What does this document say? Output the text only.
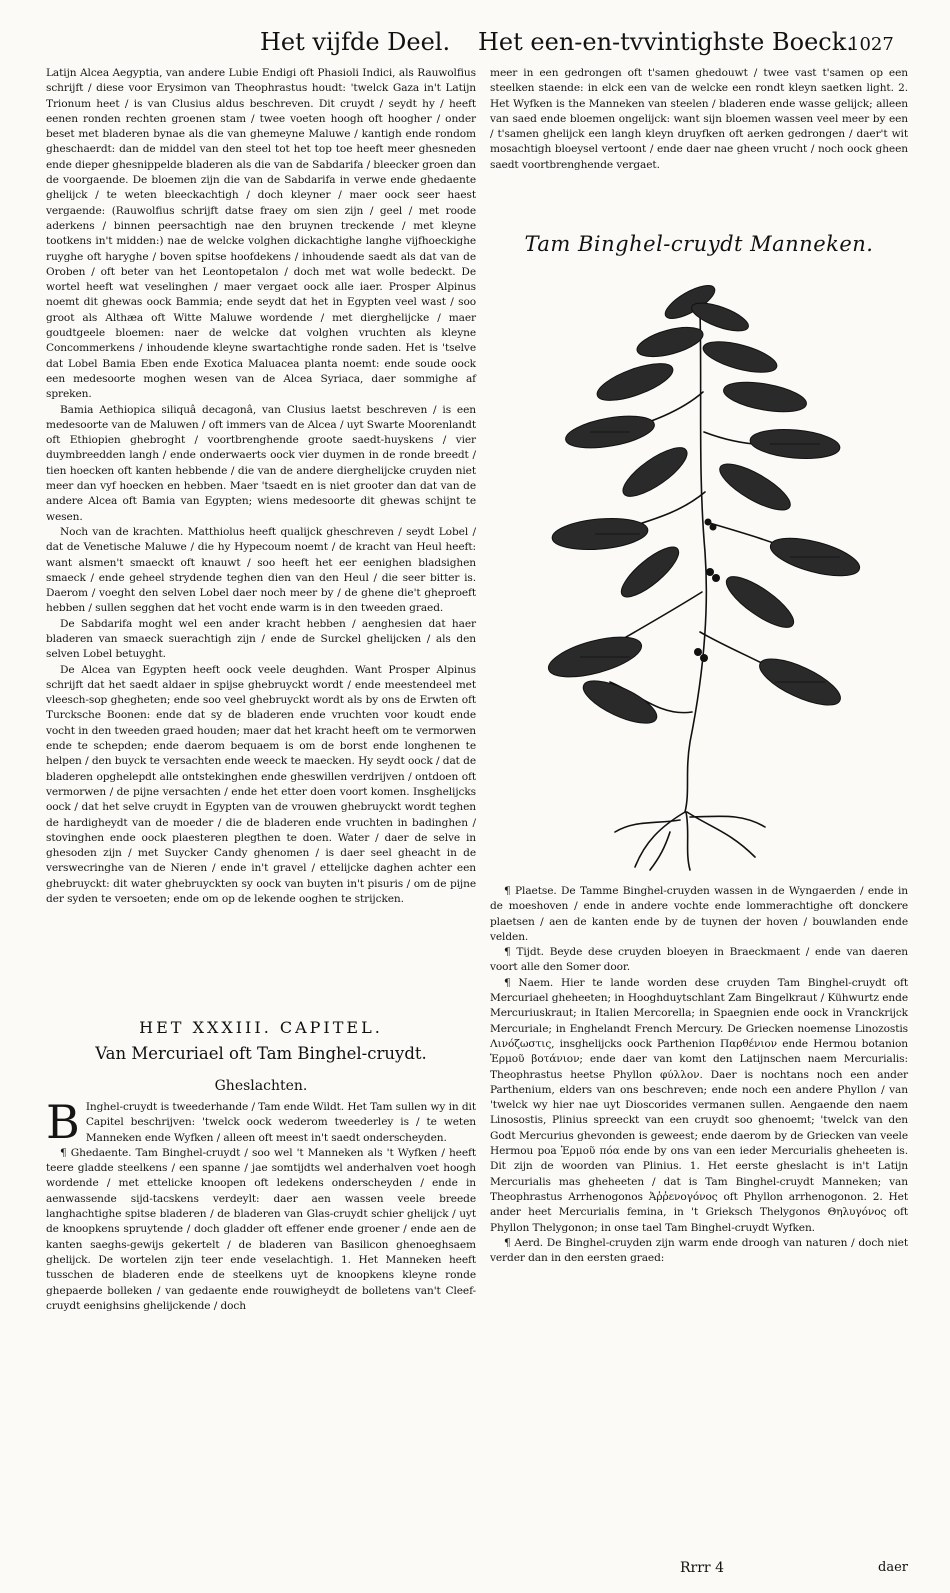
Het vijfde Deel. Het een-en-tvvintighste Boeck.
1027

Latijn Alcea Aegyptia, van andere Lubie Endigi oft Phasioli Indici, als Rauwolfius schrijft / diese voor Erysimon van Theophrastus houdt: 'twelck Gaza in't Latijn Trionum heet / is van Clusius aldus beschreven. Dit cruydt / seydt hy / heeft eenen ronden rechten groenen stam / twee voeten hoogh oft hoogher / onder beset met bladeren bynae als die van ghemeyne Maluwe / kantigh ende rondom gheschaerdt: dan de middel van den steel tot het top toe heeft meer ghesneden ende dieper ghesnippelde bladeren als die van de Sabdarifa / bleecker groen dan de voorgaende. De bloemen zijn die van de Sabdarifa in verwe ende ghedaente ghelijck / te weten bleeckachtigh / doch kleyner / maer oock seer haest vergaende: (Rauwolfius schrijft datse fraey om sien zijn / geel / met roode aderkens / binnen peersachtigh nae den bruynen treckende / met kleyne tootkens in't midden:) nae de welcke volghen dickachtighe langhe vijfhoeckighe ruyghe oft haryghe / boven spitse hoofdekens / inhoudende saedt als dat van de Oroben / oft beter van het Leontopetalon / doch met wat wolle bedeckt. De wortel heeft wat veselinghen / maer vergaet oock alle iaer. Prosper Alpinus noemt dit ghewas oock Bammia; ende seydt dat het in Egypten veel wast / soo groot als Althæa oft Witte Maluwe wordende / met dierghelijcke / maer goudtgeele bloemen: naer de welcke dat volghen vruchten als kleyne Concommerkens / inhoudende kleyne swartachtighe ronde saden. Het is 'tselve dat Lobel Bamia Eben ende Exotica Maluacea planta noemt: ende soude oock een medesoorte moghen wesen van de Alcea Syriaca, daer sommighe af spreken.

Bamia Aethiopica siliquâ decagonâ, van Clusius laetst beschreven / is een medesoorte van de Maluwen / oft immers van de Alcea / uyt Swarte Moorenlandt oft Ethiopien ghebroght / voortbrenghende groote saedt-huyskens / vier duymbreedden langh / ende onderwaerts oock vier duymen in de ronde breedt / tien hoecken oft kanten hebbende / die van de andere dierghelijcke cruyden niet meer dan vyf hoecken en hebben. Maer 'tsaedt en is niet grooter dan dat van de andere Alcea oft Bamia van Egypten; wiens medesoorte dit ghewas schijnt te wesen.

Noch van de krachten. Matthiolus heeft qualijck gheschreven / seydt Lobel / dat de Venetische Maluwe / die hy Hypecoum noemt / de kracht van Heul heeft: want alsmen't smaeckt oft knauwt / soo heeft het eer eenighen bladsighen smaeck / ende geheel strydende teghen dien van den Heul / die seer bitter is. Daerom / voeght den selven Lobel daer noch meer by / de ghene die't gheproeft hebben / sullen segghen dat het vocht ende warm is in den tweeden graed.

De Sabdarifa moght wel een ander kracht hebben / aenghesien dat haer bladeren van smaeck suerachtigh zijn / ende de Surckel ghelijcken / als den selven Lobel betuyght.

De Alcea van Egypten heeft oock veele deughden. Want Prosper Alpinus schrijft dat het saedt aldaer in spijse ghebruyckt wordt / ende meestendeel met vleesch-sop ghegheten; ende soo veel ghebruyckt wordt als by ons de Erwten oft Turcksche Boonen: ende dat sy de bladeren ende vruchten voor koudt ende vocht in den tweeden graed houden; maer dat het kracht heeft om te vermorwen ende te schepden; ende daerom bequaem is om de borst ende longhenen te helpen / den buyck te versachten ende weeck te maecken. Hy seydt oock / dat de bladeren opghelepdt alle ontstekinghen ende gheswillen verdrijven / ontdoen oft vermorwen / de pijne versachten / ende het etter doen voort komen. Insghelijcks oock / dat het selve cruydt in Egypten van de vrouwen ghebruyckt wordt teghen de hardigheydt van de moeder / die de bladeren ende vruchten in badinghen / stovinghen ende oock plaesteren plegthen te doen. Water / daer de selve in ghesoden zijn / met Suycker Candy ghenomen / is daer seel gheacht in de verswecringhe van de Nieren / ende in't gravel / ettelijcke daghen achter een ghebruyckt: dit water ghebruyckten sy oock van buyten in't pisuris / om de pijne der syden te versoeten; ende om op de lekende ooghen te strijcken.

HET XXXIII. CAPITEL.
Van Mercuriael oft Tam Binghel-cruydt.
Gheslachten.
B Inghel-cruydt is tweederhande / Tam ende Wildt. Het Tam sullen wy in dit Capitel beschrijven: 'twelck oock wederom tweederley is / te weten Manneken ende Wyfken / alleen oft meest in't saedt onderscheyden.

¶ Ghedaente. Tam Binghel-cruydt / soo wel 't Manneken als 't Wyfken / heeft teere gladde steelkens / een spanne / jae somtijdts wel anderhalven voet hoogh wordende / met ettelicke knoopen oft ledekens onderscheyden / ende in aenwassende sijd-tacskens verdeylt: daer aen wassen veele breede langhachtighe spitse bladeren / de bladeren van Glas-cruydt schier ghelijck / uyt de knoopkens spruytende / doch gladder oft effener ende groener / ende aen de kanten saeghs-gewijs gekertelt / de bladeren van Basilicon ghenoeghsaem ghelijck. De wortelen zijn teer ende veselachtigh. 1. Het Manneken heeft tusschen de bladeren ende de steelkens uyt de knoopkens kleyne ronde ghepaerde bolleken / van gedaente ende rouwigheydt de bolletens van't Cleef-cruydt eenighsins ghelijckende / doch

meer in een gedrongen oft t'samen ghedouwt / twee vast t'samen op een steelken staende: in elck een van de welcke een rondt kleyn saetken light. 2. Het Wyfken is the Manneken van steelen / bladeren ende wasse gelijck; alleen van saed ende bloemen ongelijck: want sijn bloemen wassen veel meer by een / t'samen ghelijck een langh kleyn druyfken oft aerken gedrongen / daer't wit mosachtigh bloeysel vertoont / ende daer nae gheen vrucht / noch oock gheen saedt voortbrenghende vergaet.

Tam Binghel-cruydt Manneken.

¶ Plaetse. De Tamme Binghel-cruyden wassen in de Wyngaerden / ende in de moeshoven / ende in andere vochte ende lommerachtighe oft donckere plaetsen / aen de kanten ende by de tuynen der hoven / bouwlanden ende velden.

¶ Tijdt. Beyde dese cruyden bloeyen in Braeckmaent / ende van daeren voort alle den Somer door.

¶ Naem. Hier te lande worden dese cruyden Tam Binghel-cruydt oft Mercuriael gheheeten; in Hooghduytschlant Zam Bingelkraut / Kühwurtz ende Mercuriuskraut; in Italien Mercorella; in Spaegnien ende oock in Vranckrijck Mercuriale; in Enghelandt French Mercury. De Griecken noemense Linozostis Λινόζωστις, insghelijcks oock Parthenion Παρθένιον ende Hermou botanion Ἑρμοῦ βοτάνιον; ende daer van komt den Latijnschen naem Mercurialis: Theophrastus heetse Phyllon φύλλον. Daer is nochtans noch een ander Parthenium, elders van ons beschreven; ende noch een andere Phyllon / van 'twelck wy hier nae uyt Dioscorides vermanen sullen. Aengaende den naem Linosostis, Plinius spreeckt van een cruydt soo ghenoemt; 'twelck van den Godt Mercurius ghevonden is geweest; ende daerom by de Griecken van veele Hermou poa Ἑρμοῦ πόα ende by ons van een ieder Mercurialis gheheeten is. Dit zijn de woorden van Plinius. 1. Het eerste gheslacht is in't Latijn Mercurialis mas gheheeten / dat is Tam Binghel-cruydt Manneken; van Theophrastus Arrhenogonos Ἀῤῥενογόνος oft Phyllon arrhenogonon. 2. Het ander heet Mercurialis femina, in 't Grieksch Thelygonos Θηλυγόνος oft Phyllon Thelygonon; in onse tael Tam Binghel-cruydt Wyfken.

¶ Aerd. De Binghel-cruyden zijn warm ende droogh van naturen / doch niet verder dan in den eersten graed:

Rrrr 4	daer
